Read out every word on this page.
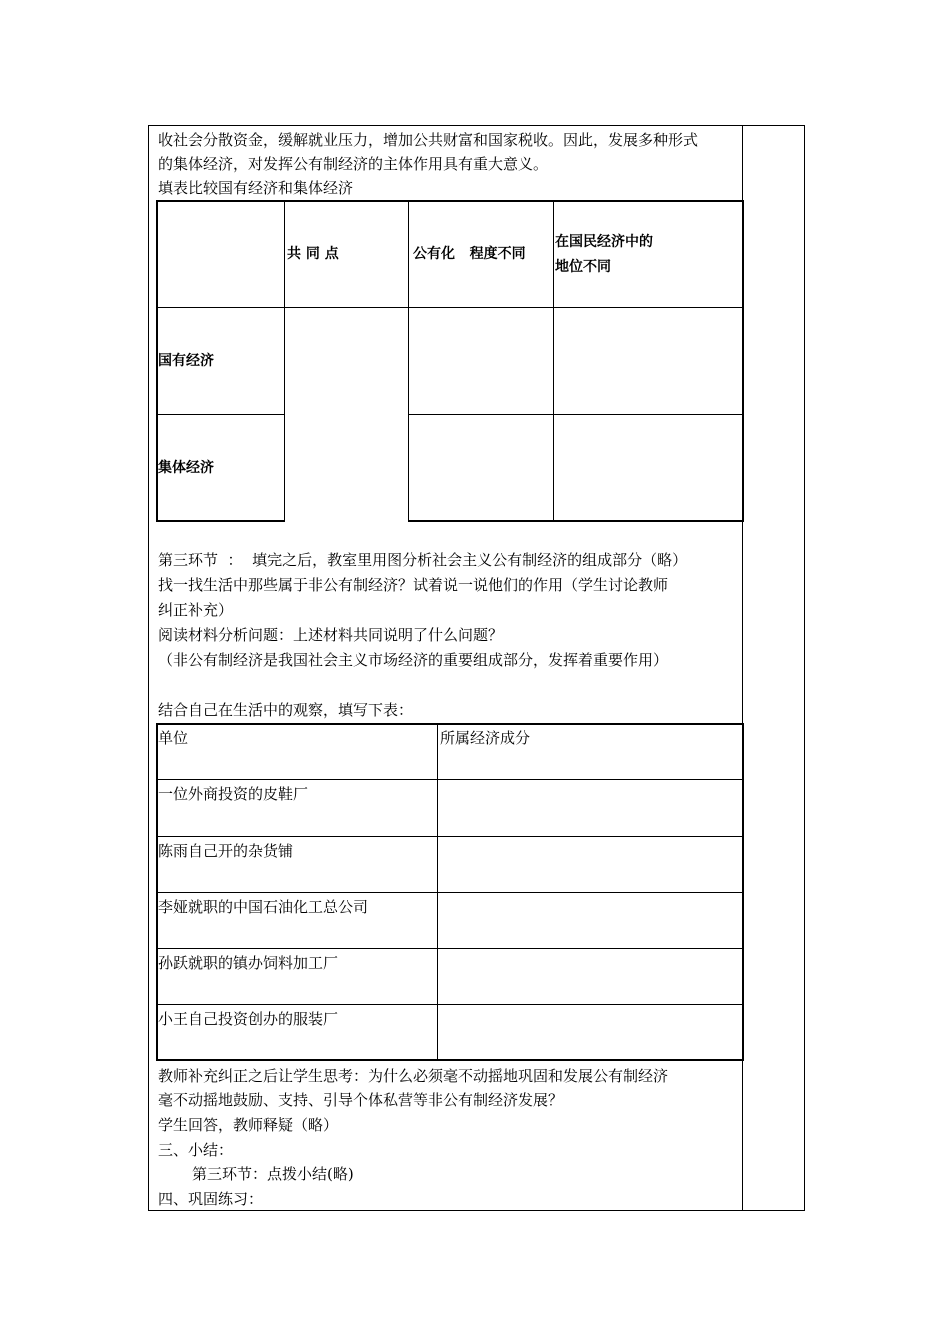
收社会分散资金，缓解就业压力，增加公共财富和国家税收。因此，发展多种形式
的集体经济，对发挥公有制经济的主体作用具有重大意义。
填表比较国有经济和集体经济
共 同 点	公有化   程度不同
在国民经济中的
地位不同
国有经济
集体经济
第三环节  ：  填完之后，教室里用图分析社会主义公有制经济的组成部分（略）
找一找生活中那些属于非公有制经济？试着说一说他们的作用（学生讨论教师
纠正补充）
阅读材料分析问题：上述材料共同说明了什么问题？
（非公有制经济是我国社会主义市场经济的重要组成部分，发挥着重要作用）
结合自己在生活中的观察，填写下表：
单位	所属经济成分
一位外商投资的皮鞋厂
陈雨自己开的杂货铺
李娅就职的中国石油化工总公司
孙跃就职的镇办饲料加工厂
小王自己投资创办的服装厂
教师补充纠正之后让学生思考：为什么必须毫不动摇地巩固和发展公有制经济
毫不动摇地鼓励、支持、引导个体私营等非公有制经济发展？
学生回答，教师释疑（略）
三、小结：
第三环节：点拨小结(略)
四、巩固练习：
